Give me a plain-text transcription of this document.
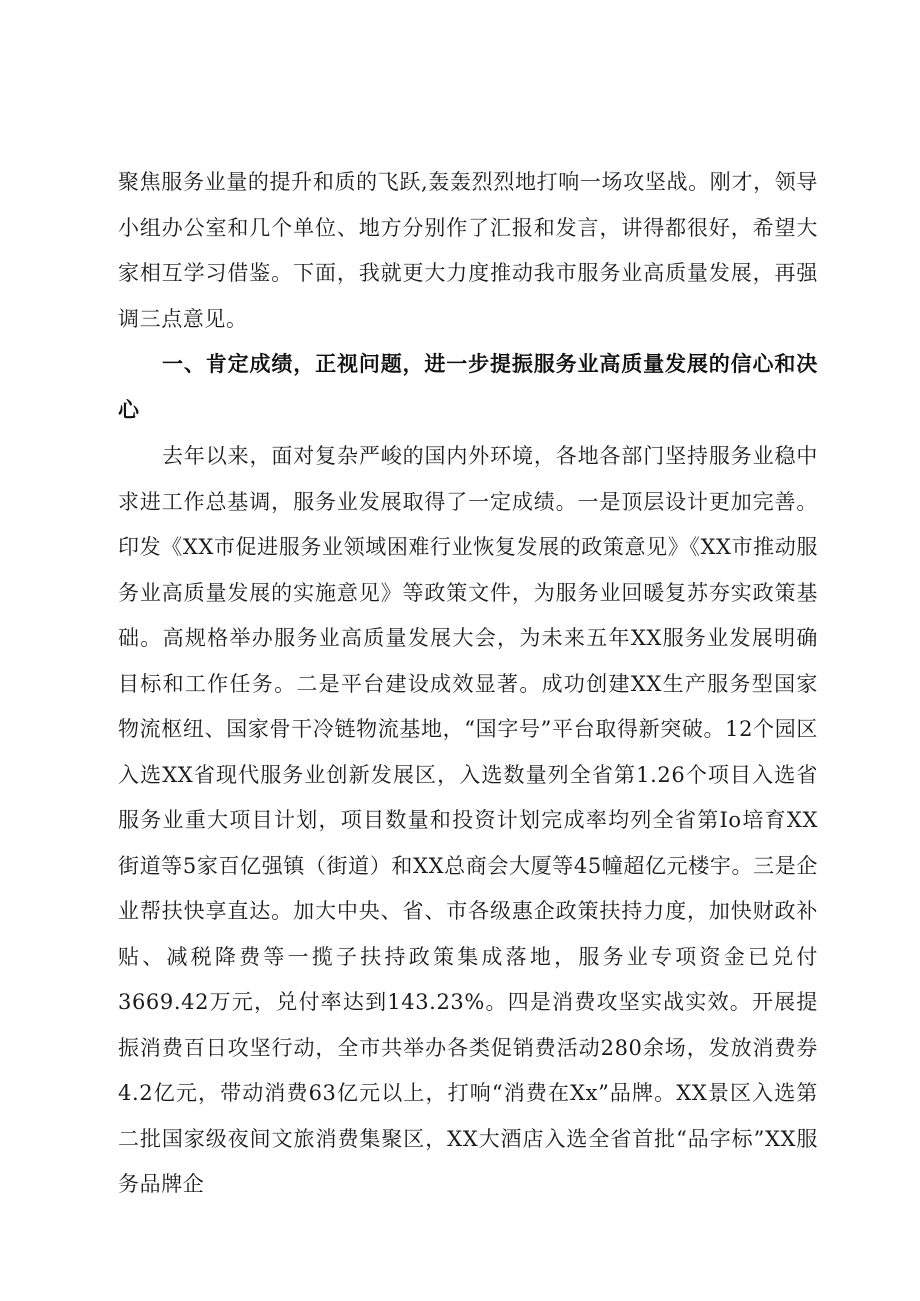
聚焦服务业量的提升和质的飞跃,轰轰烈烈地打响一场攻坚战。刚才，领导小组办公室和几个单位、地方分别作了汇报和发言，讲得都很好，希望大家相互学习借鉴。下面，我就更大力度推动我市服务业高质量发展，再强调三点意见。

一、肯定成绩，正视问题，进一步提振服务业高质量发展的信心和决心

去年以来，面对复杂严峻的国内外环境，各地各部门坚持服务业稳中求进工作总基调，服务业发展取得了一定成绩。一是顶层设计更加完善。印发《XX市促进服务业领域困难行业恢复发展的政策意见》《XX市推动服务业高质量发展的实施意见》等政策文件，为服务业回暖复苏夯实政策基础。高规格举办服务业高质量发展大会，为未来五年XX服务业发展明确目标和工作任务。二是平台建设成效显著。成功创建XX生产服务型国家物流枢纽、国家骨干冷链物流基地，“国字号”平台取得新突破。12个园区入选XX省现代服务业创新发展区，入选数量列全省第1.26个项目入选省服务业重大项目计划，项目数量和投资计划完成率均列全省第Io培育XX街道等5家百亿强镇（街道）和XX总商会大厦等45幢超亿元楼宇。三是企业帮扶快享直达。加大中央、省、市各级惠企政策扶持力度，加快财政补贴、减税降费等一揽子扶持政策集成落地，服务业专项资金已兑付3669.42万元，兑付率达到143.23%。四是消费攻坚实战实效。开展提振消费百日攻坚行动，全市共举办各类促销费活动280余场，发放消费券4.2亿元，带动消费63亿元以上，打响“消费在Xx”品牌。XX景区入选第二批国家级夜间文旅消费集聚区，XX大酒店入选全省首批“品字标”XX服务品牌企
